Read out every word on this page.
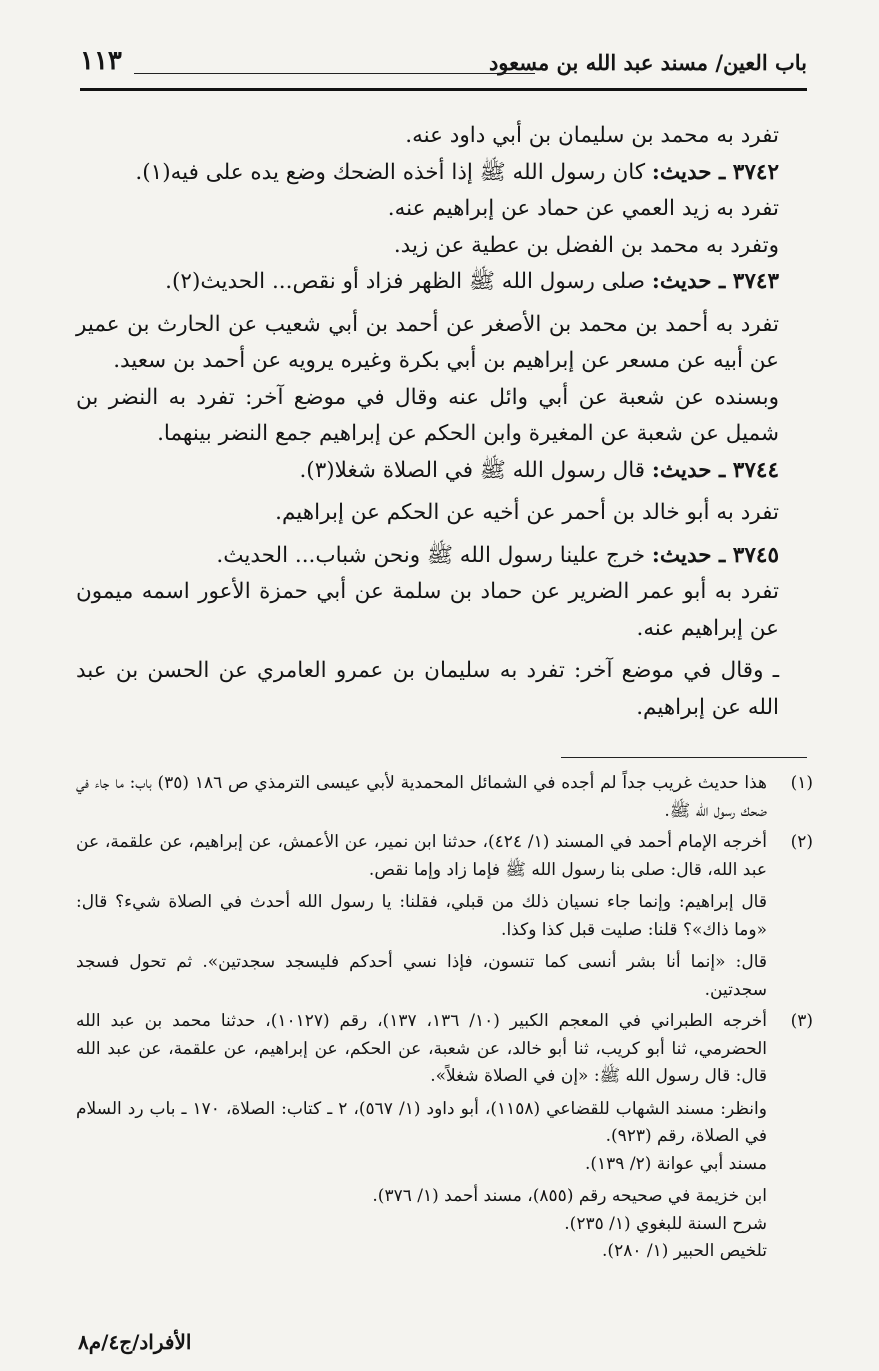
باب العين/ مسند عبد الله بن مسعود
١١٣

تفرد به محمد بن سليمان بن أبي داود عنه.

٣٧٤٢ ـ حديث: كان رسول الله ﷺ إذا أخذه الضحك وضع يده على فيه(١).

تفرد به زيد العمي عن حماد عن إبراهيم عنه.

وتفرد به محمد بن الفضل بن عطية عن زيد.

٣٧٤٣ ـ حديث: صلى رسول الله ﷺ الظهر فزاد أو نقص... الحديث(٢).

تفرد به أحمد بن محمد بن الأصغر عن أحمد بن أبي شعيب عن الحارث بن عمير عن أبيه عن مسعر عن إبراهيم بن أبي بكرة وغيره يرويه عن أحمد بن سعيد.

وبسنده عن شعبة عن أبي وائل عنه وقال في موضع آخر: تفرد به النضر بن شميل عن شعبة عن المغيرة وابن الحكم عن إبراهيم جمع النضر بينهما.

٣٧٤٤ ـ حديث: قال رسول الله ﷺ في الصلاة شغلا(٣).

تفرد به أبو خالد بن أحمر عن أخيه عن الحكم عن إبراهيم.

٣٧٤٥ ـ حديث: خرج علينا رسول الله ﷺ ونحن شباب... الحديث.

تفرد به أبو عمر الضرير عن حماد بن سلمة عن أبي حمزة الأعور اسمه ميمون عن إبراهيم عنه.

ـ وقال في موضع آخر: تفرد به سليمان بن عمرو العامري عن الحسن بن عبد الله عن إبراهيم.

(١)

هذا حديث غريب جداً لم أجده في الشمائل المحمدية لأبي عيسى الترمذي ص ١٨٦ (٣٥) باب: ما جاء في ضحك رسول الله ﷺ.

(٢)

أخرجه الإمام أحمد في المسند (١/ ٤٢٤)، حدثنا ابن نمير، عن الأعمش، عن إبراهيم، عن علقمة، عن عبد الله، قال: صلى بنا رسول الله ﷺ فإما زاد وإما نقص.

قال إبراهيم: وإنما جاء نسيان ذلك من قبلي، فقلنا: يا رسول الله أحدث في الصلاة شيء؟ قال: «وما ذاك»؟ قلنا: صليت قبل كذا وكذا.

قال: «إنما أنا بشر أنسى كما تنسون، فإذا نسي أحدكم فليسجد سجدتين». ثم تحول فسجد سجدتين.

(٣)

أخرجه الطبراني في المعجم الكبير (١٠/ ١٣٦، ١٣٧)، رقم (١٠١٢٧)، حدثنا محمد بن عبد الله الحضرمي، ثنا أبو كريب، ثنا أبو خالد، عن شعبة، عن الحكم، عن إبراهيم، عن علقمة، عن عبد الله قال: قال رسول الله ﷺ: «إن في الصلاة شغلاً».

وانظر: مسند الشهاب للقضاعي (١١٥٨)، أبو داود (١/ ٥٦٧)، ٢ ـ كتاب: الصلاة، ١٧٠ ـ باب رد السلام في الصلاة، رقم (٩٢٣).

مسند أبي عوانة (٢/ ١٣٩).

ابن خزيمة في صحيحه رقم (٨٥٥)، مسند أحمد (١/ ٣٧٦).

شرح السنة للبغوي (١/ ٢٣٥).

تلخيص الحبير (١/ ٢٨٠).

الأفراد/ج٤/م٨
